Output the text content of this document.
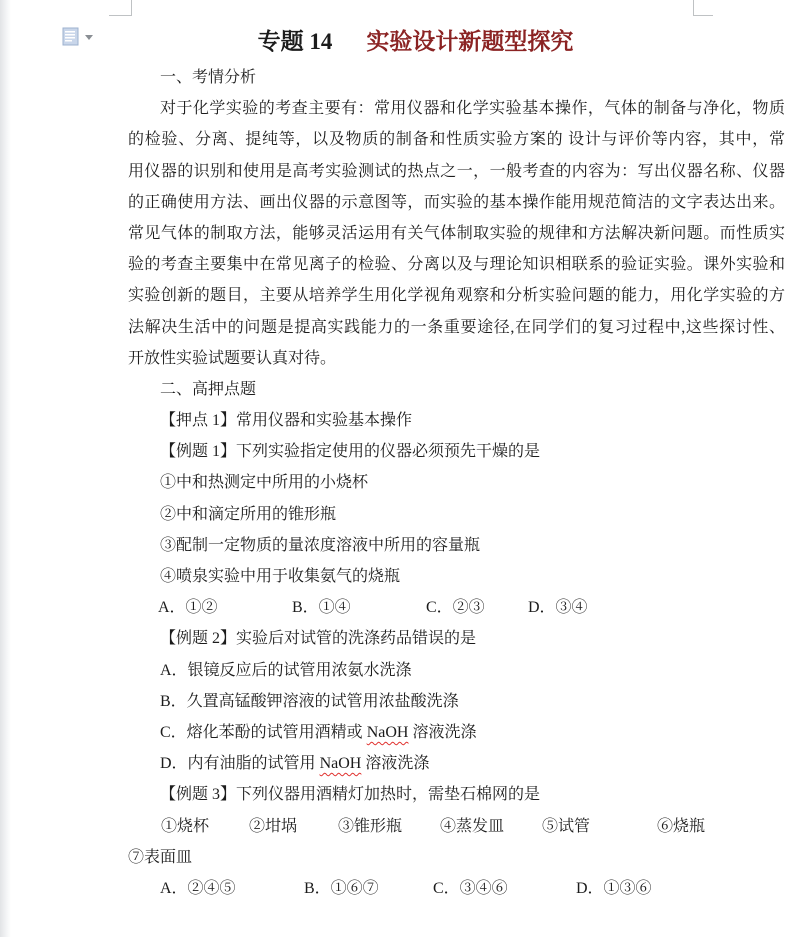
专题 14 实验设计新题型探究
一、考情分析
对于化学实验的考查主要有：常用仪器和化学实验基本操作，气体的制备与净化，物质
的检验、分离、提纯等，以及物质的制备和性质实验方案的 设计与评价等内容，其中，常
用仪器的识别和使用是高考实验测试的热点之一，一般考查的内容为：写出仪器名称、仪器
的正确使用方法、画出仪器的示意图等，而实验的基本操作能用规范简洁的文字表达出来。
常见气体的制取方法，能够灵活运用有关气体制取实验的规律和方法解决新问题。而性质实
验的考查主要集中在常见离子的检验、分离以及与理论知识相联系的验证实验。课外实验和
实验创新的题目，主要从培养学生用化学视角观察和分析实验问题的能力，用化学实验的方
法解决生活中的问题是提高实践能力的一条重要途径,在同学们的复习过程中,这些探讨性、
开放性实验试题要认真对待。
二、高押点题
【押点 1】常用仪器和实验基本操作
【例题 1】下列实验指定使用的仪器必须预先干燥的是
①中和热测定中所用的小烧杯
②中和滴定所用的锥形瓶
③配制一定物质的量浓度溶液中所用的容量瓶
④喷泉实验中用于收集氨气的烧瓶
A．①②	B．①④	C．②③	D．③④
【例题 2】实验后对试管的洗涤药品错误的是
A．银镜反应后的试管用浓氨水洗涤
B．久置高锰酸钾溶液的试管用浓盐酸洗涤
C．熔化苯酚的试管用酒精或 NaOH 溶液洗涤
D．内有油脂的试管用 NaOH 溶液洗涤
【例题 3】下列仪器用酒精灯加热时，需垫石棉网的是
①烧杯	②坩埚	③锥形瓶	④蒸发皿	⑤试管	⑥烧瓶
⑦表面皿
A．②④⑤	B．①⑥⑦	C．③④⑥	D．①③⑥
